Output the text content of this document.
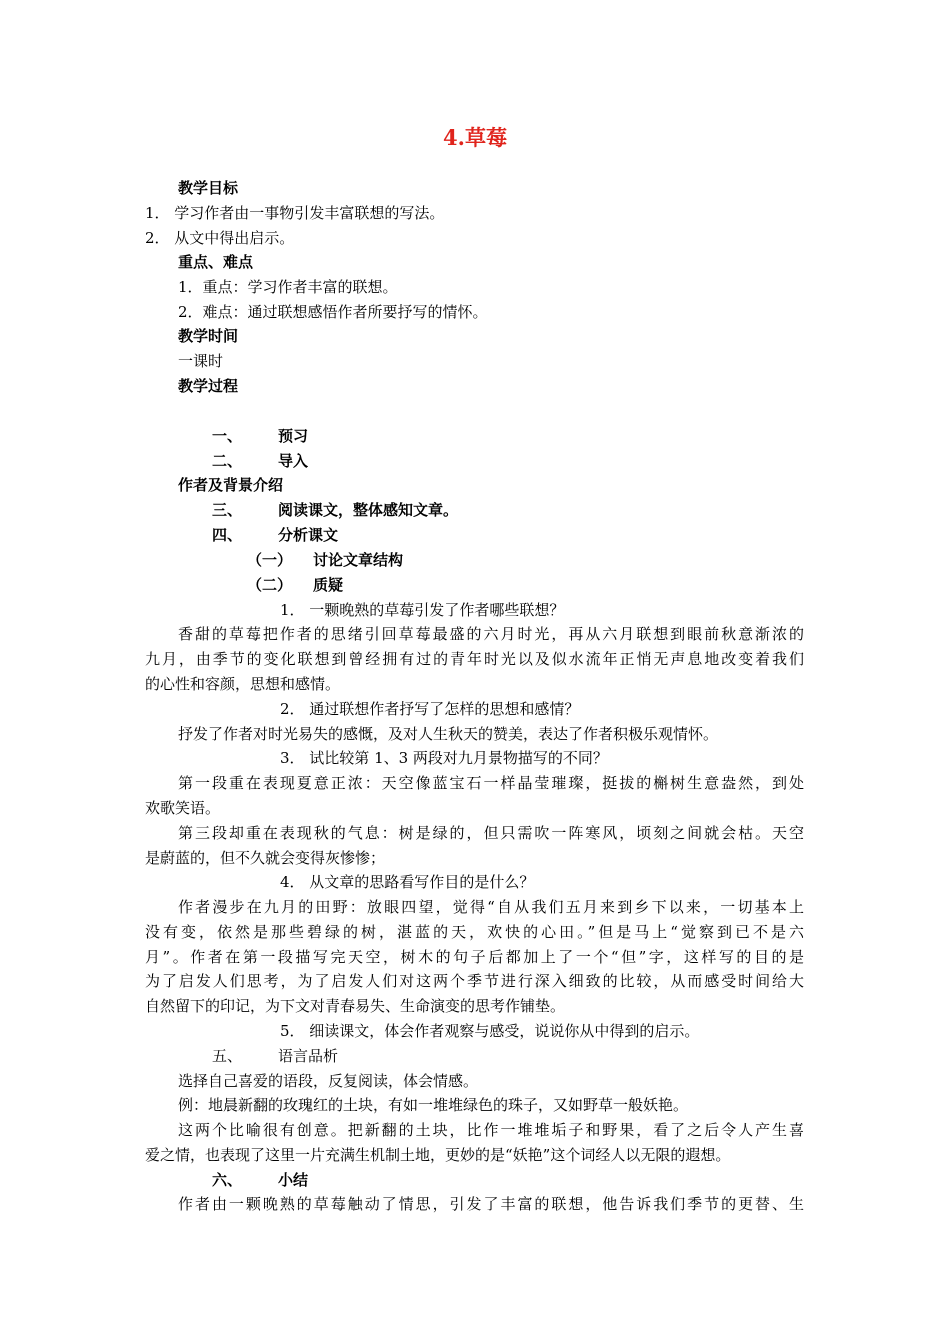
4.草莓
教学目标
1． 学习作者由一事物引发丰富联想的写法。
2． 从文中得出启示。
重点、难点
1．重点：学习作者丰富的联想。
2．难点：通过联想感悟作者所要抒写的情怀。
教学时间
一课时
教学过程
一、 预习
二、 导入
作者及背景介绍
三、 阅读课文，整体感知文章。
四、 分析课文
（一） 讨论文章结构
（二） 质疑
1． 一颗晚熟的草莓引发了作者哪些联想？
香甜的草莓把作者的思绪引回草莓最盛的六月时光，再从六月联想到眼前秋意渐浓的
九月，由季节的变化联想到曾经拥有过的青年时光以及似水流年正悄无声息地改变着我们
的心性和容颜，思想和感情。
2． 通过联想作者抒写了怎样的思想和感情？
抒发了作者对时光易失的感慨，及对人生秋天的赞美，表达了作者积极乐观情怀。
3． 试比较第 1、3 两段对九月景物描写的不同？
第一段重在表现夏意正浓：天空像蓝宝石一样晶莹璀璨，挺拔的槲树生意盎然，到处
欢歌笑语。
第三段却重在表现秋的气息：树是绿的，但只需吹一阵寒风，顷刻之间就会枯。天空
是蔚蓝的，但不久就会变得灰惨惨；
4． 从文章的思路看写作目的是什么？
作者漫步在九月的田野：放眼四望，觉得“自从我们五月来到乡下以来，一切基本上
没有变，依然是那些碧绿的树，湛蓝的天，欢快的心田。”但是马上“觉察到已不是六
月”。作者在第一段描写完天空，树木的句子后都加上了一个“但”字，这样写的目的是
为了启发人们思考，为了启发人们对这两个季节进行深入细致的比较，从而感受时间给大
自然留下的印记，为下文对青春易失、生命演变的思考作铺垫。
5． 细读课文，体会作者观察与感受，说说你从中得到的启示。
五、 语言品析
选择自己喜爱的语段，反复阅读，体会情感。
例：地晨新翻的玫瑰红的土块，有如一堆堆绿色的珠子，又如野草一般妖艳。
这两个比喻很有创意。把新翻的土块，比作一堆堆垢子和野果，看了之后令人产生喜
爱之情，也表现了这里一片充满生机制土地，更妙的是“妖艳”这个词经人以无限的遐想。
六、 小结
作者由一颗晚熟的草莓触动了情思，引发了丰富的联想，他告诉我们季节的更替、生
